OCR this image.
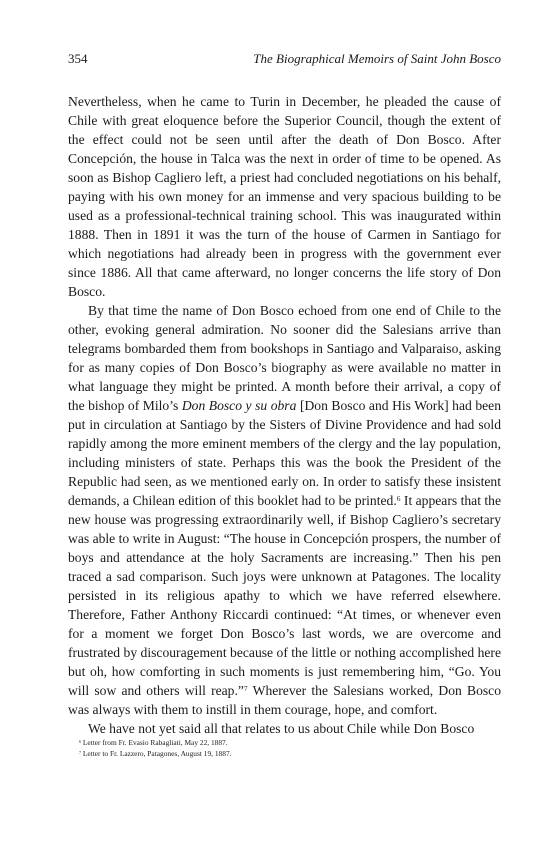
354	The Biographical Memoirs of Saint John Bosco

Nevertheless, when he came to Turin in December, he pleaded the cause of Chile with great eloquence before the Superior Council, though the extent of the effect could not be seen until after the death of Don Bosco. After Concepción, the house in Talca was the next in order of time to be opened. As soon as Bishop Cagliero left, a priest had concluded negotiations on his behalf, paying with his own money for an immense and very spacious building to be used as a professional-technical training school. This was inaugurated within 1888. Then in 1891 it was the turn of the house of Carmen in Santiago for which negotiations had already been in progress with the government ever since 1886. All that came afterward, no longer concerns the life story of Don Bosco.

By that time the name of Don Bosco echoed from one end of Chile to the other, evoking general admiration. No sooner did the Salesians arrive than telegrams bombarded them from bookshops in Santiago and Valparaiso, asking for as many copies of Don Bosco’s biography as were available no matter in what language they might be printed. A month before their arrival, a copy of the bishop of Milo’s Don Bosco y su obra [Don Bosco and His Work] had been put in circulation at Santiago by the Sisters of Divine Providence and had sold rapidly among the more eminent members of the clergy and the lay population, including ministers of state. Perhaps this was the book the President of the Republic had seen, as we mentioned early on. In order to satisfy these insistent demands, a Chilean edition of this booklet had to be printed.$^6$ It appears that the new house was progressing extraordinarily well, if Bishop Cagliero’s secretary was able to write in August: “The house in Concepción prospers, the number of boys and attendance at the holy Sacraments are increasing.” Then his pen traced a sad comparison. Such joys were unknown at Patagones. The locality persisted in its religious apathy to which we have referred elsewhere. Therefore, Father Anthony Riccardi continued: “At times, or whenever even for a moment we forget Don Bosco’s last words, we are overcome and frustrated by discouragement because of the little or nothing accomplished here but oh, how comforting in such moments is just remembering him, “Go. You will sow and others will reap.”$^7$ Wherever the Salesians worked, Don Bosco was always with them to instill in them courage, hope, and comfort.

We have not yet said all that relates to us about Chile while Don Bosco

$^6$ Letter from Fr. Evasio Rabagliati, May 22, 1887.

$^7$ Letter to Fr. Lazzero, Patagones, August 19, 1887.
